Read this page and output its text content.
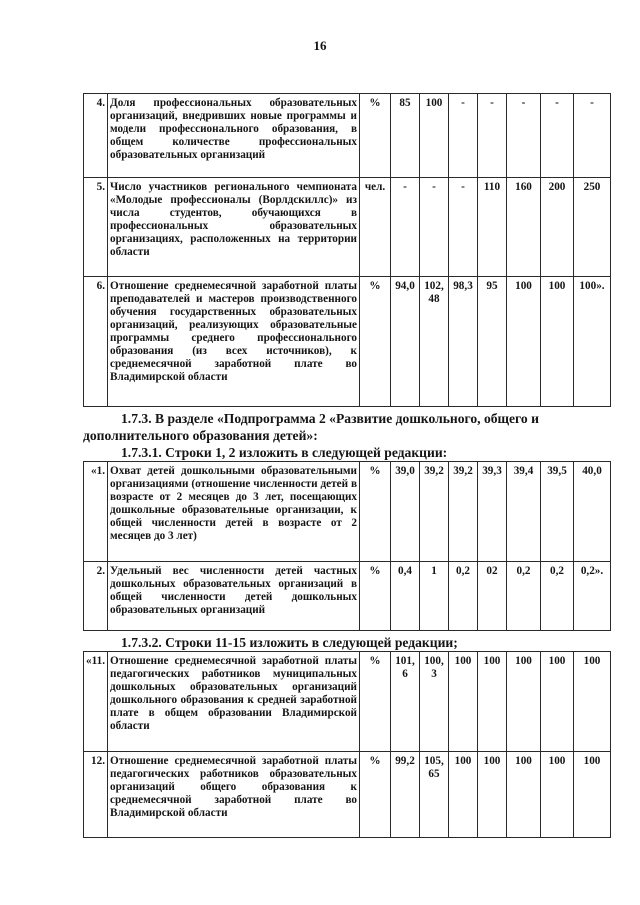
16
4.	Доля профессиональных образовательных организаций, внедривших новые программы и модели профессионального образования, в общем количестве профессиональных образовательных организаций	%	85	100	-	-	-	-	-
5.	Число участников регионального чемпионата «Молодые профессионалы (Ворлдскиллс)» из числа студентов, обучающихся в профессиональных образовательных организациях, расположенных на территории области	чел.	-	-	-	110	160	200	250
6.	Отношение среднемесячной заработной платы преподавателей и мастеров производственного обучения государственных образовательных организаций, реализующих образовательные программы среднего профессионального образования (из всех источников), к среднемесячной заработной плате во Владимирской области	%	94,0	102, 48	98,3	95	100	100	100».
1.7.3. В разделе «Подпрограмма 2 «Развитие дошкольного, общего и дополнительного образования детей»:
1.7.3.1. Строки 1, 2 изложить в следующей редакции:
«1.	Охват детей дошкольными образовательными организациями (отношение численности детей в возрасте от 2 месяцев до 3 лет, посещающих дошкольные образовательные организации, к общей численности детей в возрасте от 2 месяцев до 3 лет)	%	39,0	39,2	39,2	39,3	39,4	39,5	40,0
2.	Удельный вес численности детей частных дошкольных образовательных организаций в общей численности детей дошкольных образовательных организаций	%	0,4	1	0,2	02	0,2	0,2	0,2».
1.7.3.2. Строки 11-15 изложить в следующей редакции;
«11.	Отношение среднемесячной заработной платы педагогических работников муниципальных дошкольных образовательных организаций дошкольного образования к средней заработной плате в общем образовании Владимирской области	%	101, 6	100, 3	100	100	100	100	100
12.	Отношение среднемесячной заработной платы педагогических работников образовательных организаций общего образования к среднемесячной заработной плате во Владимирской области	%	99,2	105, 65	100	100	100	100	100
